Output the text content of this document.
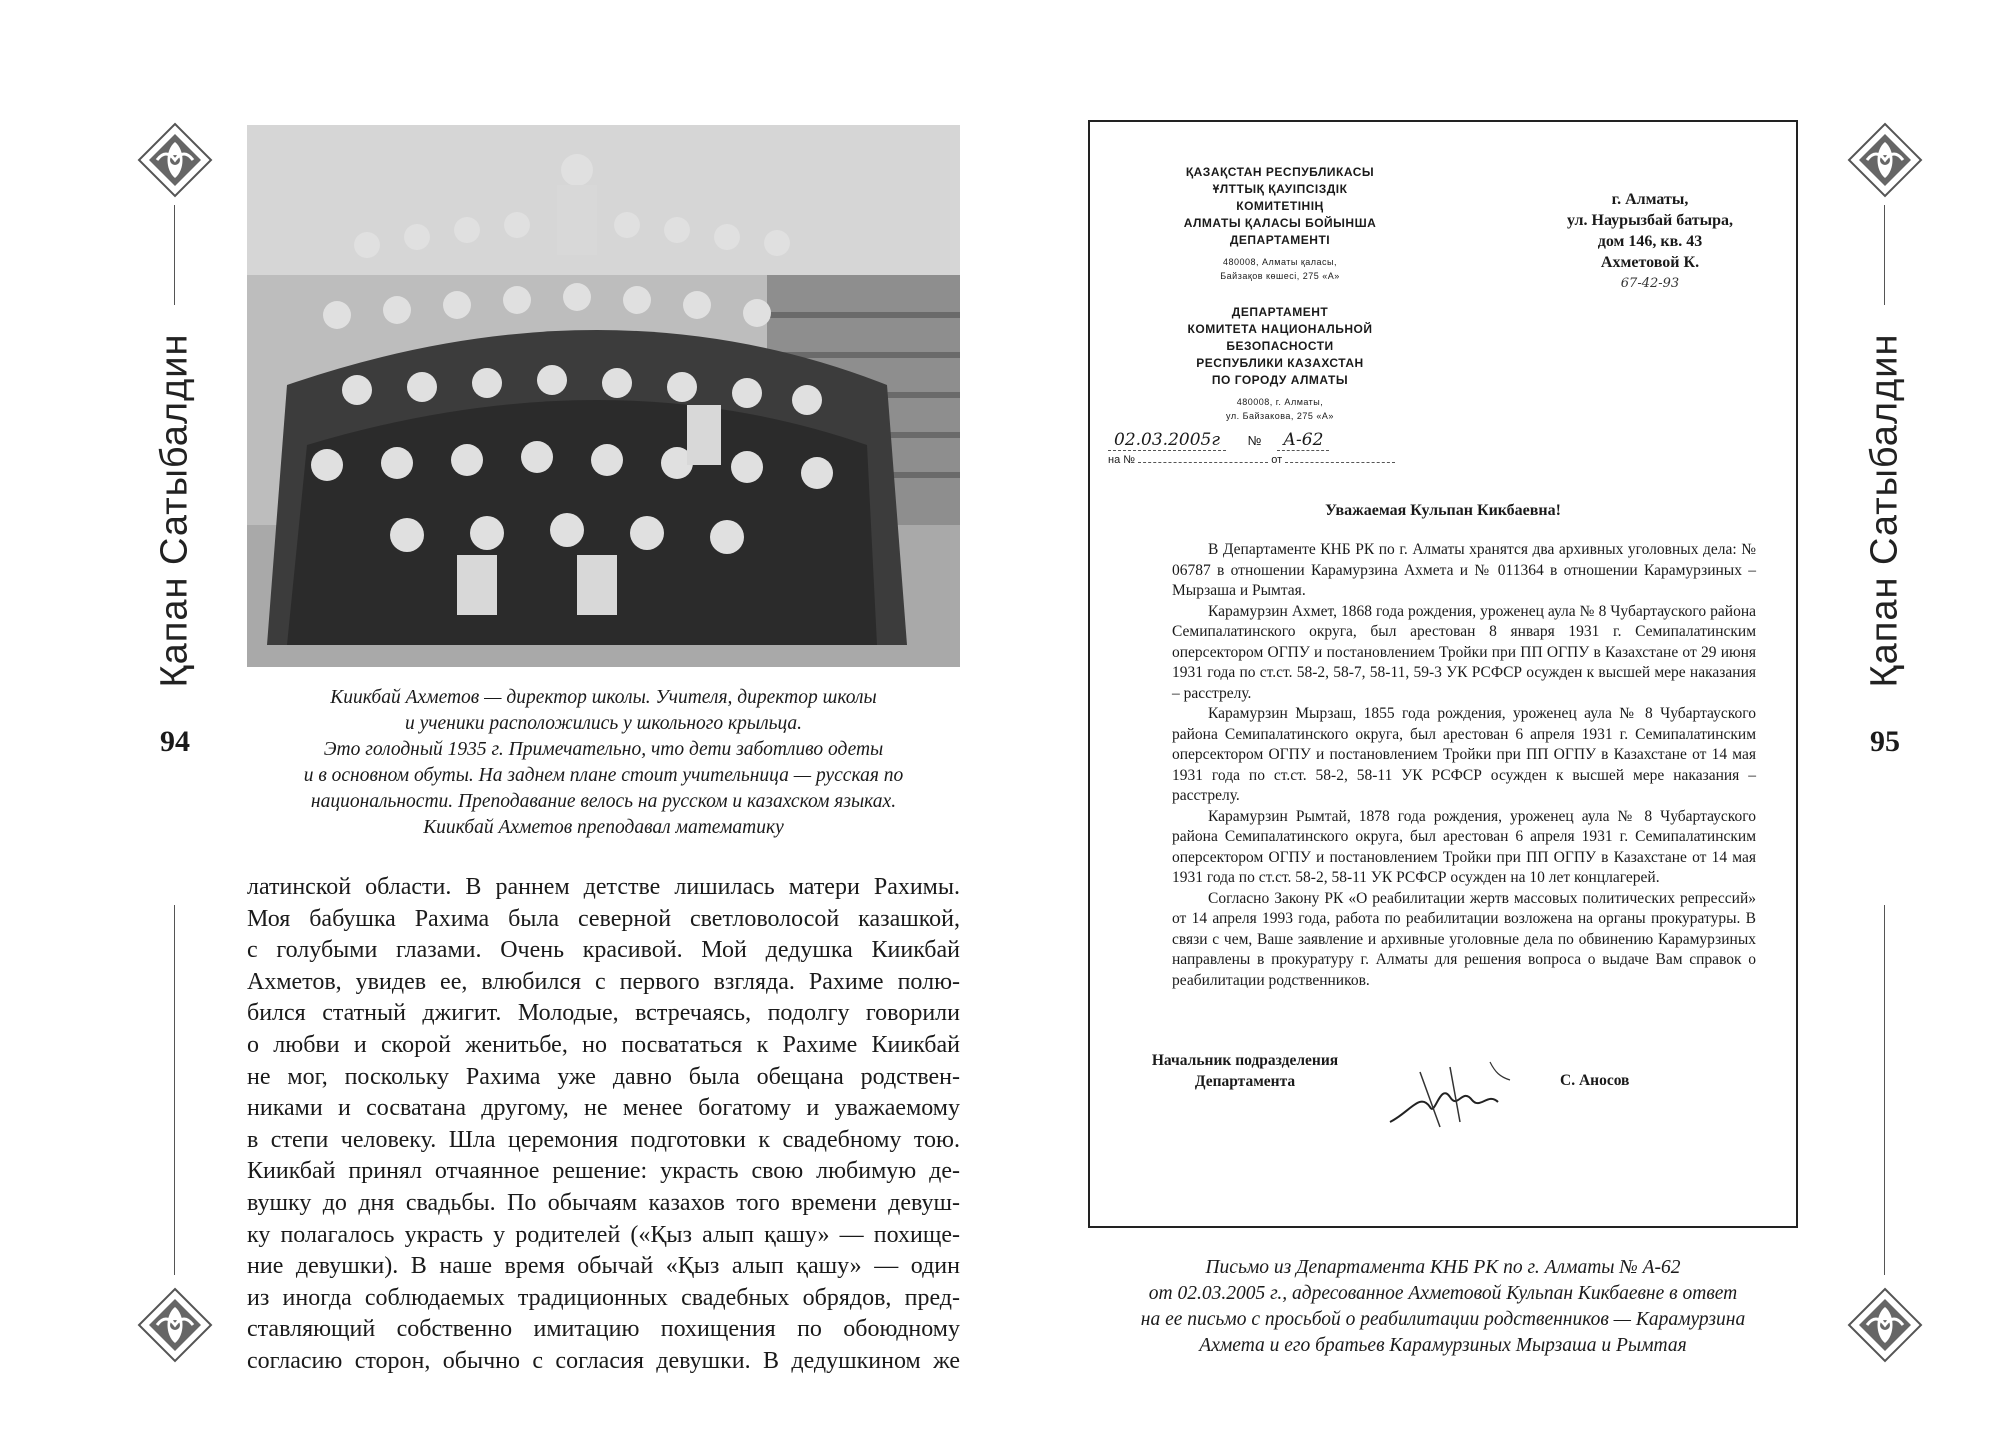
Қапан Сатыбалдин
94
Киикбай Ахметов — директор школы. Учителя, директор школы
и ученики расположились у школьного крыльца.
Это голодный 1935 г. Примечательно, что дети заботливо одеты
и в основном обуты. На заднем плане стоит учительница — русская по
национальности. Преподавание велось на русском и казахском языках.
Киикбай Ахметов преподавал математику
латинской области. В раннем детстве лишилась матери Рахимы.
Моя бабушка Рахима была северной светловолосой казашкой,
с голубыми глазами. Очень красивой. Мой дедушка Киикбай
Ахметов, увидев ее, влюбился с первого взгляда. Рахиме полю-
бился статный джигит. Молодые, встречаясь, подолгу говорили
о любви и скорой женитьбе, но посвататься к Рахиме Киикбай
не мог, поскольку Рахима уже давно была обещана родствен-
никами и сосватана другому, не менее богатому и уважаемому
в степи человеку. Шла церемония подготовки к свадебному тою.
Киикбай принял отчаянное решение: украсть свою любимую де-
вушку до дня свадьбы. По обычаям казахов того времени девуш-
ку полагалось украсть у родителей («Қыз алып қашу» — похище-
ние девушки). В наше время обычай «Қыз алып қашу» — один
из иногда соблюдаемых традиционных свадебных обрядов, пред-
ставляющий собственно имитацию похищения по обоюдному
согласию сторон, обычно с согласия девушки. В дедушкином же
ҚАЗАҚСТАН РЕСПУБЛИКАСЫ
ҰЛТТЫҚ ҚАУІПСІЗДІК
КОМИТЕТІНІҢ
АЛМАТЫ ҚАЛАСЫ БОЙЫНША
ДЕПАРТАМЕНТІ
480008, Алматы қаласы,
Байзақов көшесі, 275 «А»
ДЕПАРТАМЕНТ
КОМИТЕТА НАЦИОНАЛЬНОЙ
БЕЗОПАСНОСТИ
РЕСПУБЛИКИ КАЗАХСТАН
ПО ГОРОДУ АЛМАТЫ
480008, г. Алматы,
ул. Байзакова, 275 «А»
г. Алматы,
ул. Наурызбай батыра,
дом 146, кв. 43
Ахметовой К.
67-42-93
02.03.2005г № А-62
на №	от
Уважаемая Кульпан Кикбаевна!

В Департаменте КНБ РК по г. Алматы хранятся два архивных уголовных дела: № 06787 в отношении Карамурзина Ахмета и № 011364 в отношении Карамурзиных – Мырзаша и Рымтая.

Карамурзин Ахмет, 1868 года рождения, уроженец аула № 8 Чубартауского района Семипалатинского округа, был арестован 8 января 1931 г. Семипалатинским оперсектором ОГПУ и постановлением Тройки при ПП ОГПУ в Казахстане от 29 июня 1931 года по ст.ст. 58-2, 58-7, 58-11, 59-3 УК РСФСР осужден к высшей мере наказания – расстрелу.

Карамурзин Мырзаш, 1855 года рождения, уроженец аула № 8 Чубартауского района Семипалатинского округа, был арестован 6 апреля 1931 г. Семипалатинским оперсектором ОГПУ и постановлением Тройки при ПП ОГПУ в Казахстане от 14 мая 1931 года по ст.ст. 58-2, 58-11 УК РСФСР осужден к высшей мере наказания – расстрелу.

Карамурзин Рымтай, 1878 года рождения, уроженец аула № 8 Чубартауского района Семипалатинского округа, был арестован 6 апреля 1931 г. Семипалатинским оперсектором ОГПУ и постановлением Тройки при ПП ОГПУ в Казахстане от 14 мая 1931 года по ст.ст. 58-2, 58-11 УК РСФСР осужден на 10 лет концлагерей.

Согласно Закону РК «О реабилитации жертв массовых политических репрессий» от 14 апреля 1993 года, работа по реабилитации возложена на органы прокуратуры. В связи с чем, Ваше заявление и архивные уголовные дела по обвинению Карамурзиных направлены в прокуратуру г. Алматы для решения вопроса о выдаче Вам справок о реабилитации родственников.

Начальник подразделения
Департамента	С. Аносов
Письмо из Департамента КНБ РК по г. Алматы № А-62
от 02.03.2005 г., адресованное Ахметовой Кульпан Кикбаевне в ответ
на ее письмо с просьбой о реабилитации родственников — Карамурзина
Ахмета и его братьев Карамурзиных Мырзаша и Рымтая
Қапан Сатыбалдин
95
